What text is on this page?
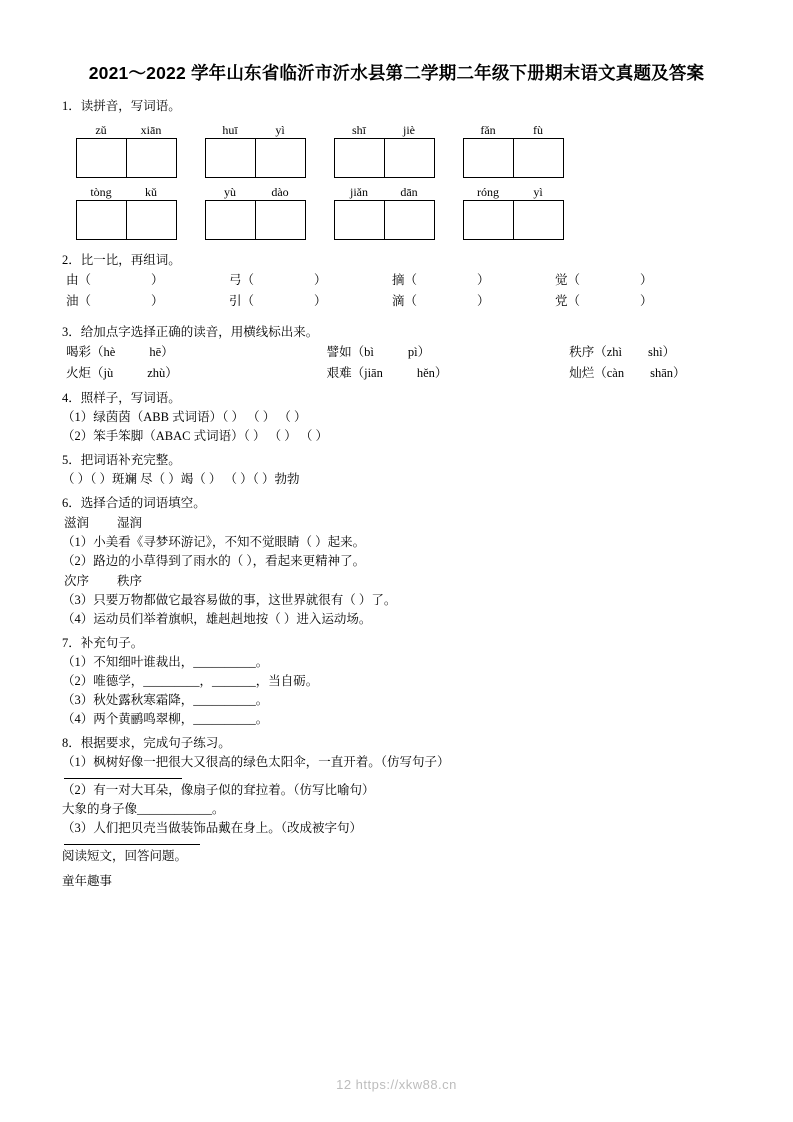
2021～2022 学年山东省临沂市沂水县第二学期二年级下册期末语文真题及答案
1．读拼音，写词语。
zǔ	xiān	huī	yì	shī	jiè	fǎn	fù
tòng	kǔ	yù	dào	jiǎn	dān	róng	yì
2．比一比，再组词。
由（	）	弓（	）	摘（	）	觉（	）
油（	）	引（	）	滴（	）	党（	）
3．给加点字选择正确的读音，用横线标出来。
喝彩（hè	hē）	譬如（bì	pì）	秩序（zhì shì）
火炬（jù	zhù）	艰难（jiān	hěn）	灿烂（càn shān）
4．照样子，写词语。
（1）绿茵茵（ABB 式词语）（ ） （ ） （ ）
（2）笨手笨脚（ABAC 式词语）（ ） （ ） （ ）
5．把词语补充完整。
（ ）（ ）斑斓 尽（ ）竭（ ） （ ）（ ）勃勃
6．选择合适的词语填空。
滋润 湿润
（1）小美看《寻梦环游记》，不知不觉眼睛（ ）起来。
（2）路边的小草得到了雨水的（ ），看起来更精神了。
次序 秩序
（3）只要万物都做它最容易做的事，这世界就很有（ ）了。
（4）运动员们举着旗帜，雄赳赳地按（ ）进入运动场。
7．补充句子。
（1）不知细叶谁裁出，__________。
（2）唯德学，_________，_______，当自砺。
（3）秋处露秋寒霜降，__________。
（4）两个黄鹂鸣翠柳，__________。
8．根据要求，完成句子练习。
（1）枫树好像一把很大又很高的绿色太阳伞，一直开着。（仿写句子）
（2）有一对大耳朵，像扇子似的耷拉着。（仿写比喻句）
大象的身子像____________。
（3）人们把贝壳当做装饰品戴在身上。（改成被字句）
阅读短文，回答问题。
童年趣事
12 https://xkw88.cn
